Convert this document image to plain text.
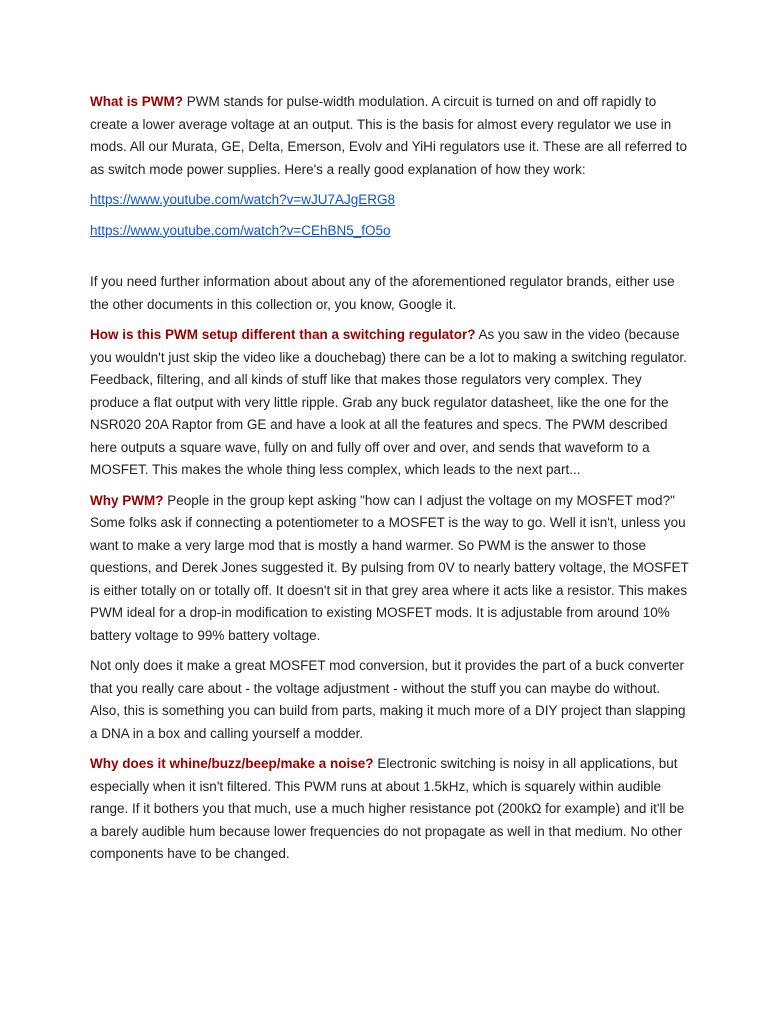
What is PWM? PWM stands for pulse-width modulation. A circuit is turned on and off rapidly to create a lower average voltage at an output. This is the basis for almost every regulator we use in mods. All our Murata, GE, Delta, Emerson, Evolv and YiHi regulators use it. These are all referred to as switch mode power supplies. Here's a really good explanation of how they work:

https://www.youtube.com/watch?v=wJU7AJgERG8
https://www.youtube.com/watch?v=CEhBN5_fO5o

If you need further information about about any of the aforementioned regulator brands, either use the other documents in this collection or, you know, Google it.

How is this PWM setup different than a switching regulator? As you saw in the video (because you wouldn't just skip the video like a douchebag) there can be a lot to making a switching regulator. Feedback, filtering, and all kinds of stuff like that makes those regulators very complex. They produce a flat output with very little ripple. Grab any buck regulator datasheet, like the one for the NSR020 20A Raptor from GE and have a look at all the features and specs. The PWM described here outputs a square wave, fully on and fully off over and over, and sends that waveform to a MOSFET. This makes the whole thing less complex, which leads to the next part...

Why PWM? People in the group kept asking "how can I adjust the voltage on my MOSFET mod?" Some folks ask if connecting a potentiometer to a MOSFET is the way to go. Well it isn't, unless you want to make a very large mod that is mostly a hand warmer. So PWM is the answer to those questions, and Derek Jones suggested it. By pulsing from 0V to nearly battery voltage, the MOSFET is either totally on or totally off. It doesn't sit in that grey area where it acts like a resistor. This makes PWM ideal for a drop-in modification to existing MOSFET mods. It is adjustable from around 10% battery voltage to 99% battery voltage.

Not only does it make a great MOSFET mod conversion, but it provides the part of a buck converter that you really care about - the voltage adjustment - without the stuff you can maybe do without. Also, this is something you can build from parts, making it much more of a DIY project than slapping a DNA in a box and calling yourself a modder.

Why does it whine/buzz/beep/make a noise? Electronic switching is noisy in all applications, but especially when it isn't filtered. This PWM runs at about 1.5kHz, which is squarely within audible range. If it bothers you that much, use a much higher resistance pot (200kΩ for example) and it'll be a barely audible hum because lower frequencies do not propagate as well in that medium. No other components have to be changed.
